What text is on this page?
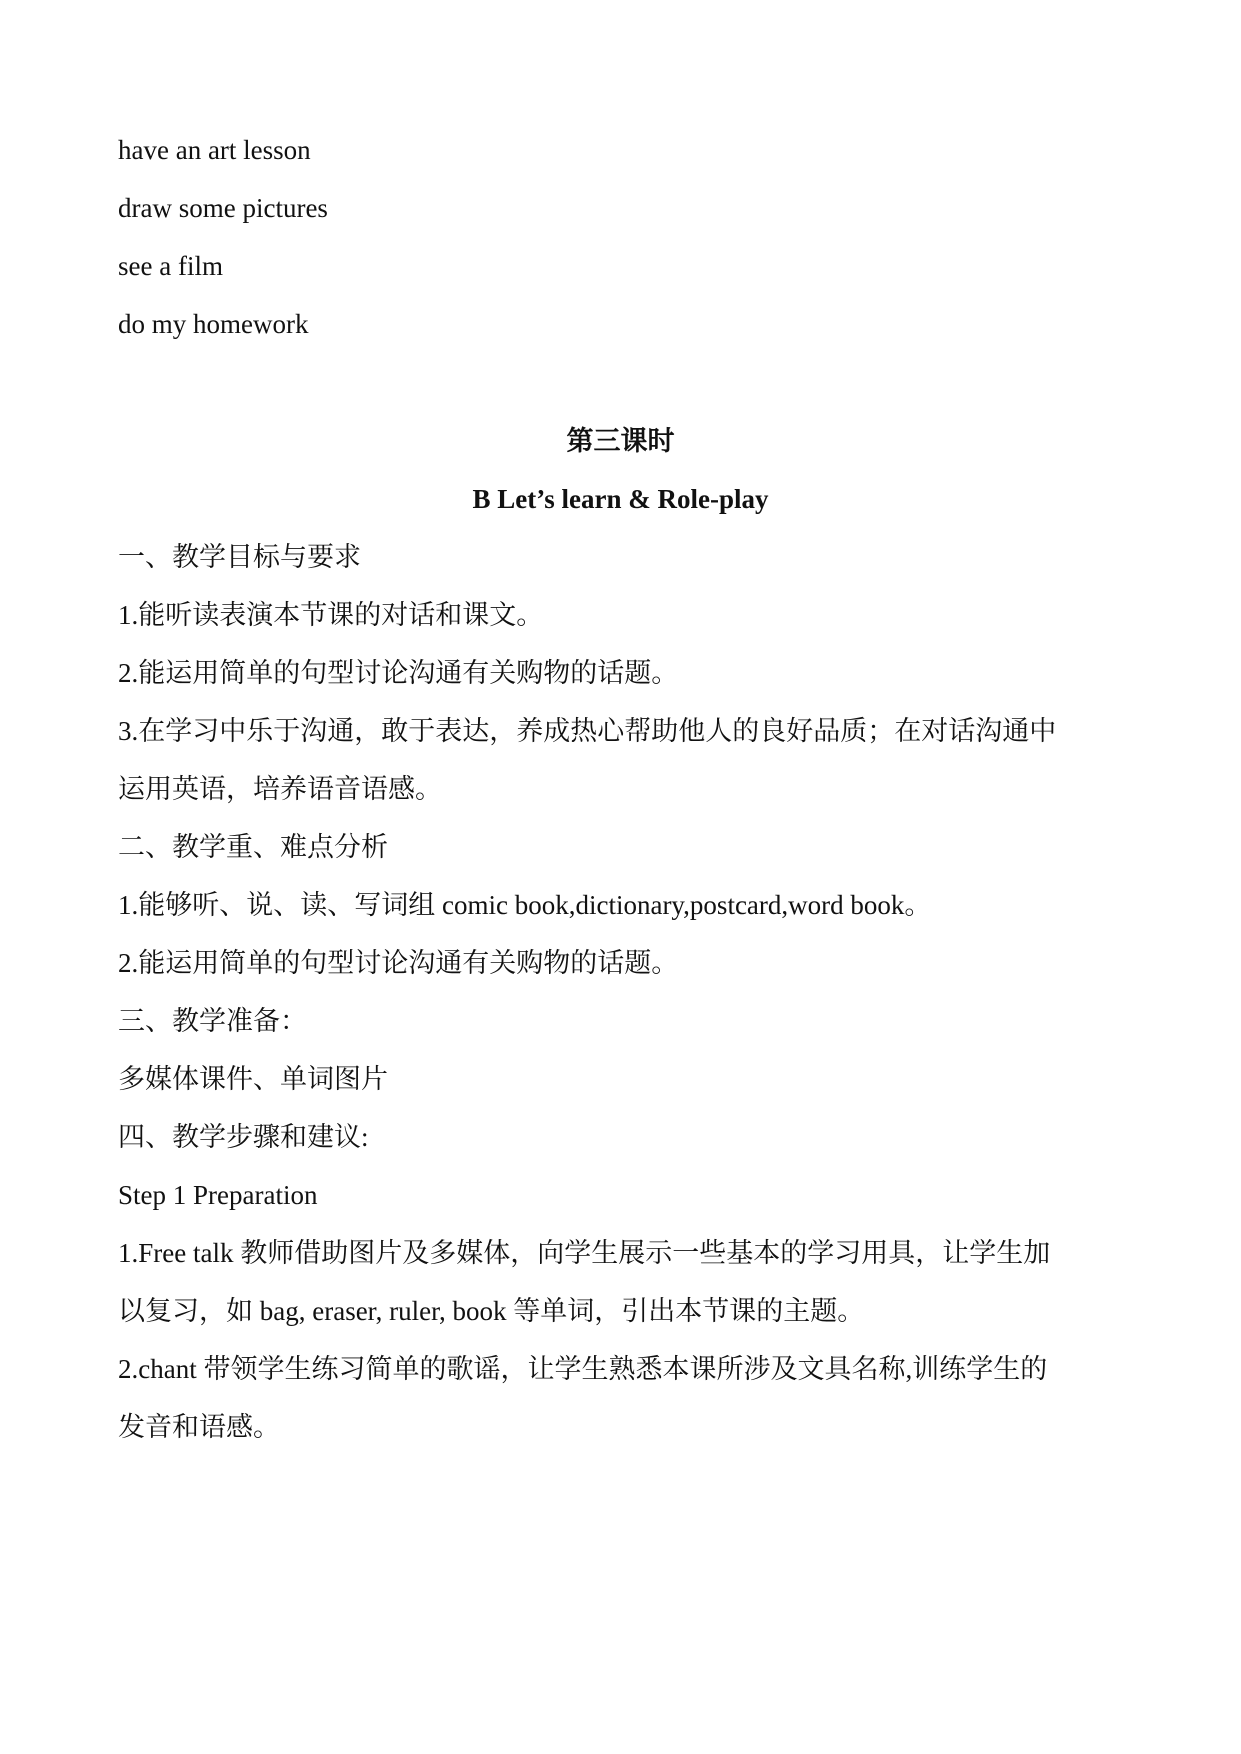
have an art lesson
draw some pictures
see a film
do my homework
第三课时
B Let’s learn & Role-play
一、教学目标与要求
1.能听读表演本节课的对话和课文。
2.能运用简单的句型讨论沟通有关购物的话题。
3.在学习中乐于沟通，敢于表达，养成热心帮助他人的良好品质；在对话沟通中
运用英语，培养语音语感。
二、教学重、难点分析
1.能够听、说、读、写词组 comic book,dictionary,postcard,word book。
2.能运用简单的句型讨论沟通有关购物的话题。
三、教学准备：
多媒体课件、单词图片
四、教学步骤和建议:
Step 1 Preparation
1.Free talk 教师借助图片及多媒体，向学生展示一些基本的学习用具，让学生加
以复习，如 bag, eraser, ruler, book 等单词，引出本节课的主题。
2.chant 带领学生练习简单的歌谣，让学生熟悉本课所涉及文具名称,训练学生的
发音和语感。
